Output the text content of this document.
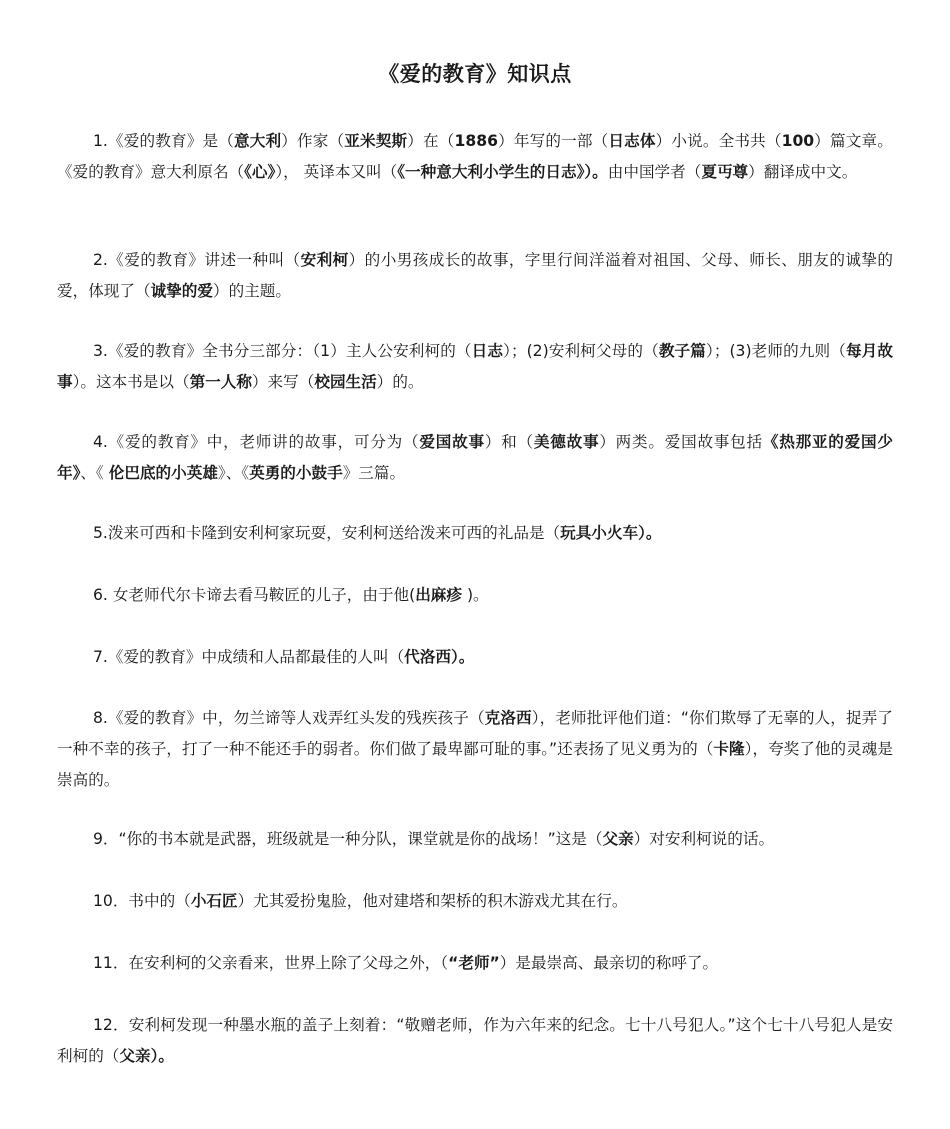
《爱的教育》知识点

1.《爱的教育》是（意大利）作家（亚米契斯）在（1886）年写的一部（日志体）小说。全书共（100）篇文章。《爱的教育》意大利原名（《心》）， 英译本又叫（《一种意大利小学生的日志》）。由中国学者（夏丏尊）翻译成中文。

2.《爱的教育》讲述一种叫（安利柯）的小男孩成长的故事，字里行间洋溢着对祖国、父母、师长、朋友的诚挚的爱，体现了（诚挚的爱）的主题。

3.《爱的教育》全书分三部分：（1）主人公安利柯的（日志）；(2)安利柯父母的（教子篇）；(3)老师的九则（每月故事）。这本书是以（第一人称）来写（校园生活）的。

4.《爱的教育》中，老师讲的故事，可分为（爱国故事）和（美德故事）两类。爱国故事包括《热那亚的爱国少年》、《 伦巴底的小英雄》、《英勇的小鼓手》三篇。

5.泼来可西和卡隆到安利柯家玩耍，安利柯送给泼来可西的礼品是（玩具小火车）。

6. 女老师代尔卡谛去看马鞍匠的儿子，由于他(出麻疹 )。

7.《爱的教育》中成绩和人品都最佳的人叫（代洛西）。

8.《爱的教育》中，勿兰谛等人戏弄红头发的残疾孩子（克洛西），老师批评他们道：“你们欺辱了无辜的人，捉弄了一种不幸的孩子，打了一种不能还手的弱者。你们做了最卑鄙可耻的事。”还表扬了见义勇为的（卡隆），夸奖了他的灵魂是崇高的。

9．“你的书本就是武器，班级就是一种分队，课堂就是你的战场！”这是（父亲）对安利柯说的话。

10．书中的（小石匠）尤其爱扮鬼脸，他对建塔和架桥的积木游戏尤其在行。

11．在安利柯的父亲看来，世界上除了父母之外，（“老师”）是最崇高、最亲切的称呼了。

12．安利柯发现一种墨水瓶的盖子上刻着：“敬赠老师，作为六年来的纪念。七十八号犯人。”这个七十八号犯人是安利柯的（父亲）。
